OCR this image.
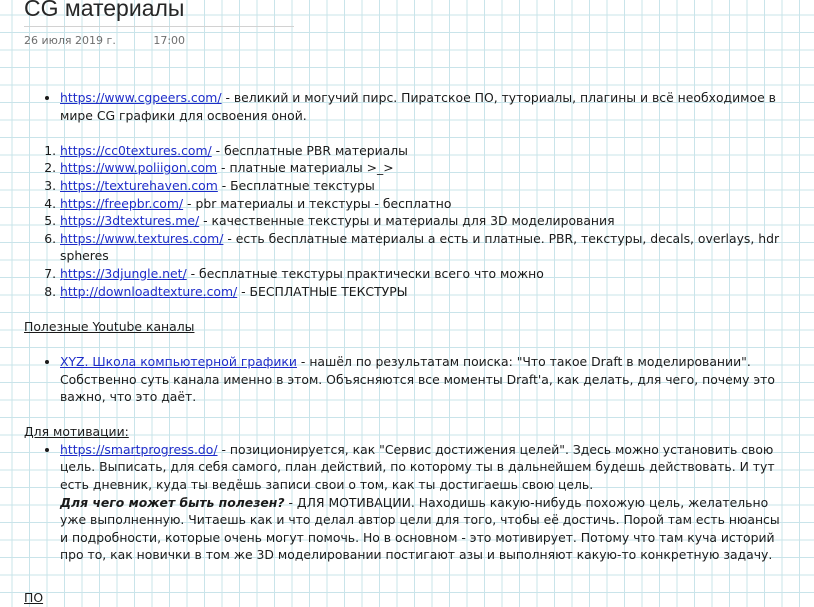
CG материалы
26 июля 2019 г.	17:00
• https://www.cgpeers.com/ - великий и могучий пирс. Пиратское ПО, туториалы, плагины и всё необходимое в мире CG графики для освоения оной.
1. https://cc0textures.com/ - бесплатные PBR материалы
2. https://www.poliigon.com - платные материалы >_>
3. https://texturehaven.com - Бесплатные текстуры
4. https://freepbr.com/ - pbr материалы и текстуры - бесплатно
5. https://3dtextures.me/ - качественные текстуры и материалы для 3D моделирования
6. https://www.textures.com/ - есть бесплатные материалы а есть и платные. PBR, текстуры, decals, overlays, hdr spheres
7. https://3djungle.net/ - бесплатные текстуры практически всего что можно
8. http://downloadtexture.com/ - БЕСПЛАТНЫЕ ТЕКСТУРЫ
Полезные Youtube каналы
• XYZ. Школа компьютерной графики - нашёл по результатам поиска: "Что такое Draft в моделировании". Собственно суть канала именно в этом. Объясняются все моменты Draft'a, как делать, для чего, почему это важно, что это даёт.
Для мотивации:
• https://smartprogress.do/ - позиционируется, как "Сервис достижения целей". Здесь можно установить свою цель. Выписать, для себя самого, план действий, по которому ты в дальнейшем будешь действовать. И тут есть дневник, куда ты ведёшь записи свои о том, как ты достигаешь свою цель.
Для чего может быть полезен? - ДЛЯ МОТИВАЦИИ. Находишь какую-нибудь похожую цель, желательно уже выполненную. Читаешь как и что делал автор цели для того, чтобы её достичь. Порой там есть нюансы и подробности, которые очень могут помочь. Но в основном - это мотивирует. Потому что там куча историй про то, как новички в том же 3D моделировании постигают азы и выполняют какую-то конкретную задачу.
ПО
